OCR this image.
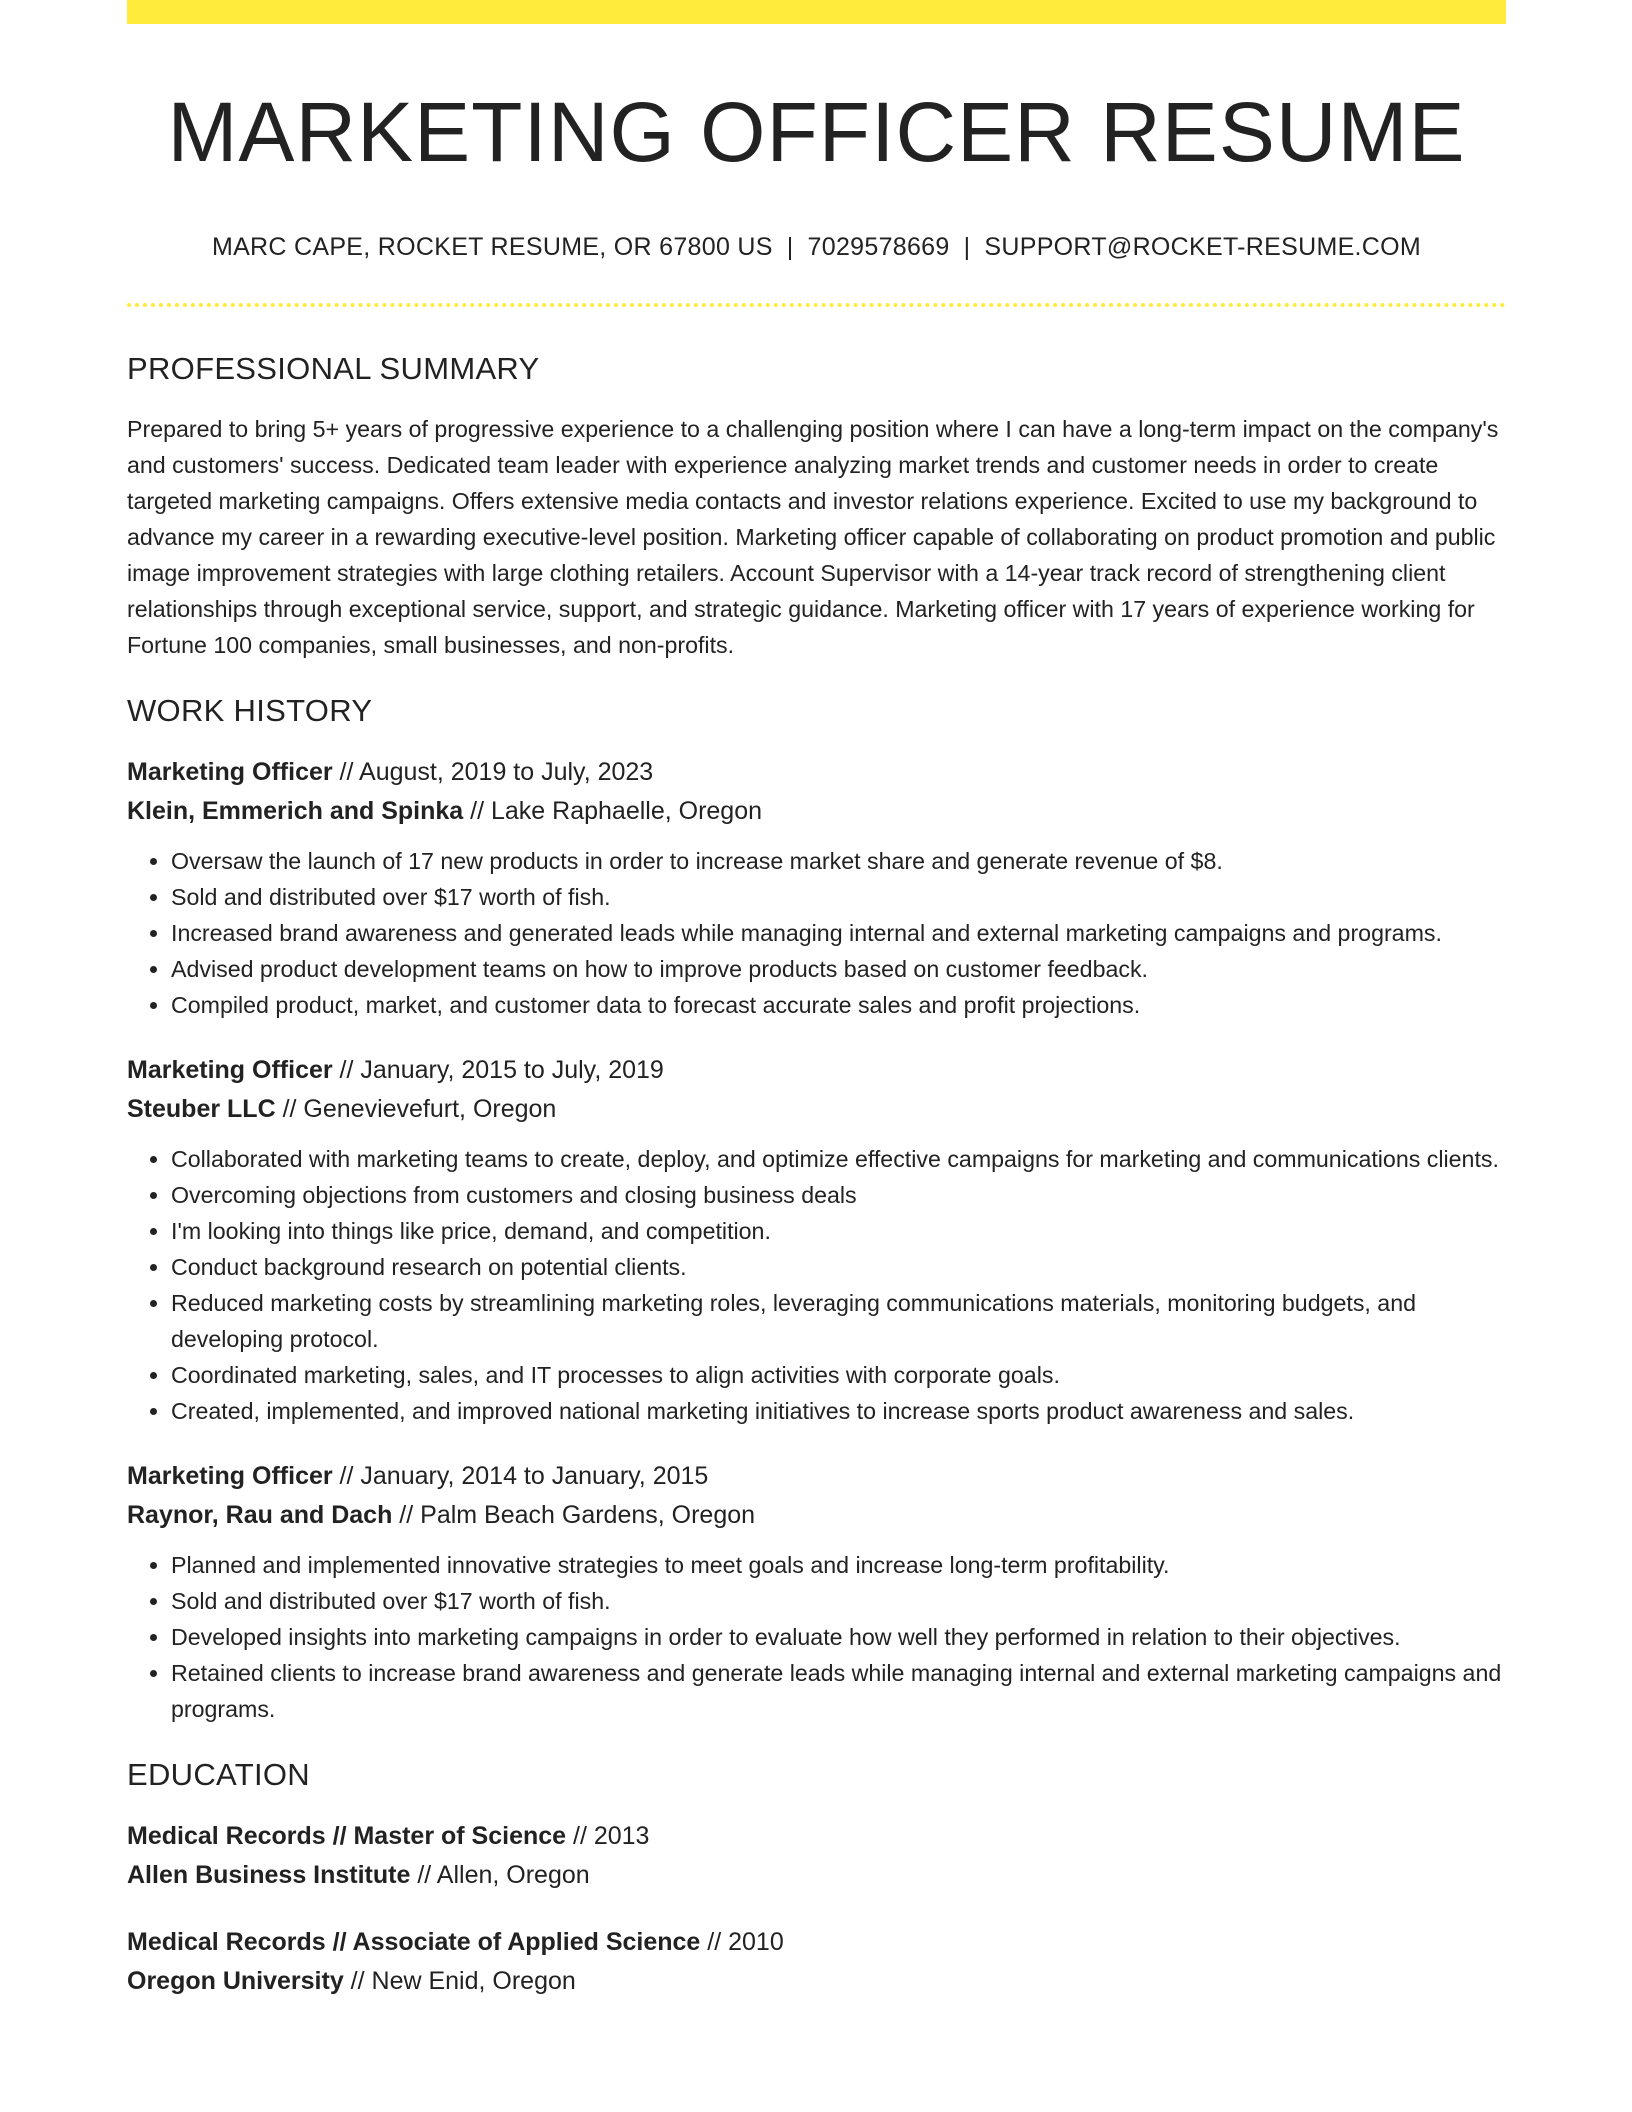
MARKETING OFFICER RESUME
MARC CAPE, ROCKET RESUME, OR 67800 US | 7029578669 | SUPPORT@ROCKET-RESUME.COM
PROFESSIONAL SUMMARY
Prepared to bring 5+ years of progressive experience to a challenging position where I can have a long-term impact on the company's and customers' success. Dedicated team leader with experience analyzing market trends and customer needs in order to create targeted marketing campaigns. Offers extensive media contacts and investor relations experience. Excited to use my background to advance my career in a rewarding executive-level position. Marketing officer capable of collaborating on product promotion and public image improvement strategies with large clothing retailers. Account Supervisor with a 14-year track record of strengthening client relationships through exceptional service, support, and strategic guidance. Marketing officer with 17 years of experience working for Fortune 100 companies, small businesses, and non-profits.
WORK HISTORY
Marketing Officer // August, 2019 to July, 2023
Klein, Emmerich and Spinka // Lake Raphaelle, Oregon
• Oversaw the launch of 17 new products in order to increase market share and generate revenue of $8.
• Sold and distributed over $17 worth of fish.
• Increased brand awareness and generated leads while managing internal and external marketing campaigns and programs.
• Advised product development teams on how to improve products based on customer feedback.
• Compiled product, market, and customer data to forecast accurate sales and profit projections.
Marketing Officer // January, 2015 to July, 2019
Steuber LLC // Genevievefurt, Oregon
• Collaborated with marketing teams to create, deploy, and optimize effective campaigns for marketing and communications clients.
• Overcoming objections from customers and closing business deals
• I'm looking into things like price, demand, and competition.
• Conduct background research on potential clients.
• Reduced marketing costs by streamlining marketing roles, leveraging communications materials, monitoring budgets, and developing protocol.
• Coordinated marketing, sales, and IT processes to align activities with corporate goals.
• Created, implemented, and improved national marketing initiatives to increase sports product awareness and sales.
Marketing Officer // January, 2014 to January, 2015
Raynor, Rau and Dach // Palm Beach Gardens, Oregon
• Planned and implemented innovative strategies to meet goals and increase long-term profitability.
• Sold and distributed over $17 worth of fish.
• Developed insights into marketing campaigns in order to evaluate how well they performed in relation to their objectives.
• Retained clients to increase brand awareness and generate leads while managing internal and external marketing campaigns and programs.
EDUCATION
Medical Records // Master of Science // 2013
Allen Business Institute // Allen, Oregon
Medical Records // Associate of Applied Science // 2010
Oregon University // New Enid, Oregon
